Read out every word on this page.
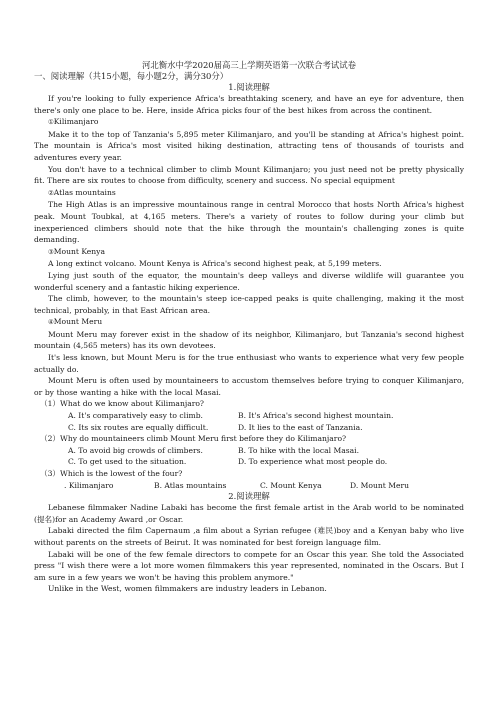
河北衡水中学2020届高三上学期英语第一次联合考试试卷

一、阅读理解（共15小题，每小题2分，满分30分）

1.阅读理解

If you're looking to fully experience Africa's breathtaking scenery, and have an eye for adventure, then there's only one place to be. Here, inside Africa picks four of the best hikes from across the continent.

①Kilimanjaro

Make it to the top of Tanzania's 5,895 meter Kilimanjaro, and you'll be standing at Africa's highest point. The mountain is Africa's most visited hiking destination, attracting tens of thousands of tourists and adventures every year.

You don't have to a technical climber to climb Mount Kilimanjaro; you just need not be pretty physically fit. There are six routes to choose from difficulty, scenery and success. No special equipment

②Atlas mountains

The High Atlas is an impressive mountainous range in central Morocco that hosts North Africa's highest peak. Mount Toubkal, at 4,165 meters. There's a variety of routes to follow during your climb but inexperienced climbers should note that the hike through the mountain's challenging zones is quite demanding.

③Mount Kenya

A long extinct volcano. Mount Kenya is Africa's second highest peak, at 5,199 meters.

Lying just south of the equator, the mountain's deep valleys and diverse wildlife will guarantee you wonderful scenery and a fantastic hiking experience.

The climb, however, to the mountain's steep ice-capped peaks is quite challenging, making it the most technical, probably, in that East African area.

④Mount Meru

Mount Meru may forever exist in the shadow of its neighbor, Kilimanjaro, but Tanzania's second highest mountain (4,565 meters) has its own devotees.

It's less known, but Mount Meru is for the true enthusiast who wants to experience what very few people actually do.

Mount Meru is often used by mountaineers to accustom themselves before trying to conquer Kilimanjaro, or by those wanting a hike with the local Masai.

（1）What do we know about Kilimanjaro?

A. It's comparatively easy to climb.	B. It's Africa's second highest mountain.

C. Its six routes are equally difficult.	D. It lies to the east of Tanzania.

（2）Why do mountaineers climb Mount Meru first before they do Kilimanjaro?

A. To avoid big crowds of climbers.	B. To hike with the local Masai.

C. To get used to the situation.	D. To experience what most people do.

（3）Which is the lowest of the four?

. Kilimanjaro	B. Atlas mountains	C. Mount Kenya	D. Mount Meru

2.阅读理解

Lebanese filmmaker Nadine Labaki has become the first female artist in the Arab world to be nominated (提名)for an Academy Award ,or Oscar.

Labaki directed the film Capernaum ,a film about a Syrian refugee (难民)boy and a Kenyan baby who live without parents on the streets of Beirut. It was nominated for best foreign language film.

Labaki will be one of the few female directors to compete for an Oscar this year. She told the Associated press "I wish there were a lot more women filmmakers this year represented, nominated in the Oscars. But I am sure in a few years we won't be having this problem anymore."

Unlike in the West, women filmmakers are industry leaders in Lebanon.
